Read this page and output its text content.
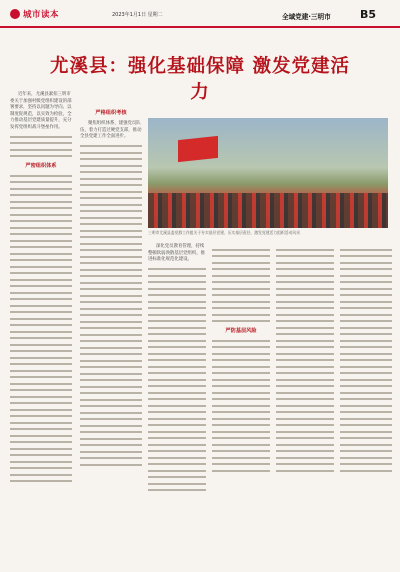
城市读本	2023年1月1日 星期二	全域党建·三明市	B5
尤溪县：强化基础保障 激发党建活力

近年来，尤溪县紧扣三明市委关于加强村级党组织建设的部署要求，坚持以问题为导向、以制度促规范，以实效为检验，全力推动基层党建质量提升，充分发挥党组织战斗堡垒作用。

严密组织体系
严格组织考核

聚焦组织体系，建强党员队伍，着力打造过硬党支部，推动全县党建工作全面进步。

三明市尤溪县委党群工作组关于夯实基层党建、压实基层责任、激发党建活力组织活动风采

深化党员教育管理，持续整顿软弱涣散基层党组织，推进标准化规范化建设。

严防基层风险
